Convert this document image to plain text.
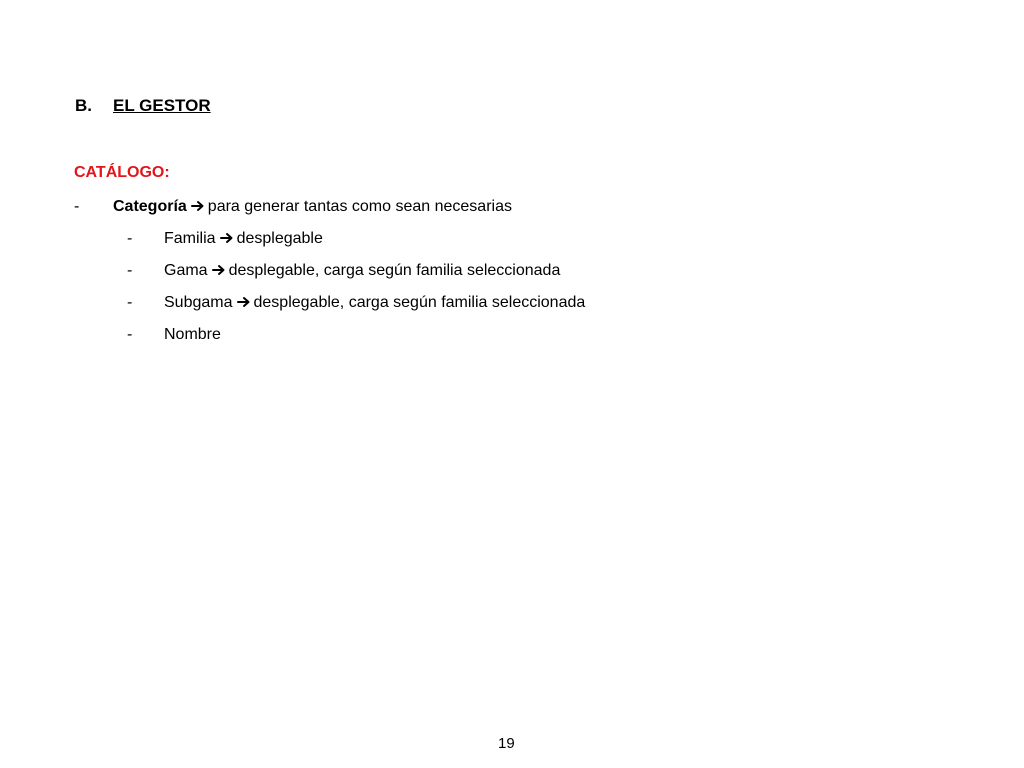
B. EL GESTOR
CATÁLOGO:
- Categoría para generar tantas como sean necesarias
- Familia desplegable
- Gama desplegable, carga según familia seleccionada
- Subgama desplegable, carga según familia seleccionada
- Nombre
19
